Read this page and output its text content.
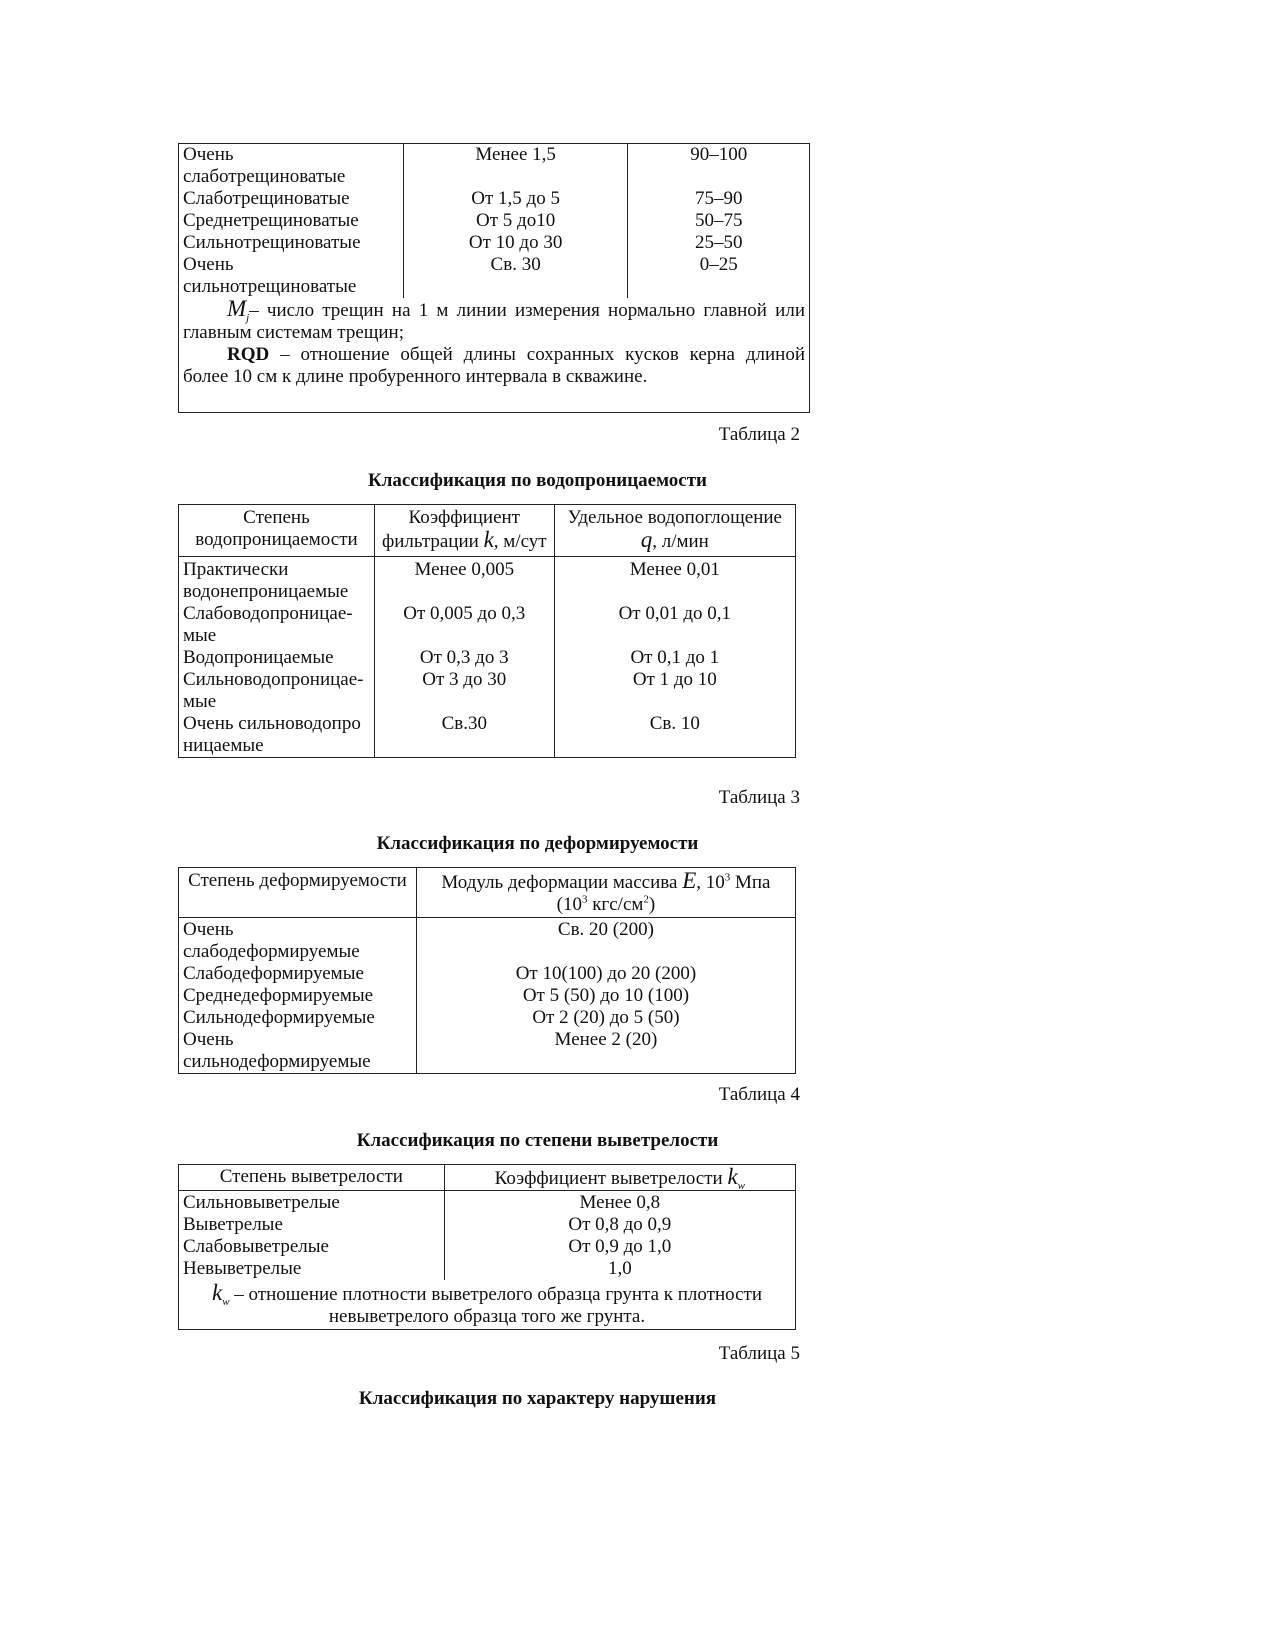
Очень слаботрещиноватые	Менее 1,5	90–100
Слаботрещиноватые	От 1,5 до 5	75–90
Среднетрещиноватые	От 5 до10	50–75
Сильнотрещиноватые	От 10 до 30	25–50
Очень сильнотрещиноватые	Св. 30	0–25

$M_j-$ число трещин на 1 м линии измерения нормально главной или главным системам трещин;

RQD – отношение общей длины сохранных кусков керна длиной более 10 см к длине пробуренного интервала в скважине.		

Таблица 2
Классификация по водопроницаемости
Степень водопроницаемости	Коэффициент фильтрации k, м/сут	Удельное водопоглощение q, л/мин
Практически водонепроницаемые	Менее 0,005	Менее 0,01
Слабоводопроницае-мые	От 0,005 до 0,3	От 0,01 до 0,1
Водопроницаемые	От 0,3 до 3	От 0,1 до 1
Сильноводопроницае-мые	От 3 до 30	От 1 до 10
Очень сильноводопроницаемые	Св.30	Св. 10
Таблица 3
Классификация по деформируемости
Степень деформируемости	Модуль деформации массива E, $10^3$ Мпа
($10^3$ кгс/$см^2$)
Очень слабодеформируемые	Св. 20 (200)
Слабодеформируемые	От 10(100) до 20 (200)
Среднедеформируемые	От 5 (50) до 10 (100)
Сильнодеформируемые	От 2 (20) до 5 (50)
Очень сильнодеформируемые	Менее 2 (20)
Таблица 4
Классификация по степени выветрелости
Степень выветрелости	Коэффициент выветрелости $k_w$
Сильновыветрелые	Менее 0,8
Выветрелые	От 0,8 до 0,9
Слабовыветрелые	От 0,9 до 1,0
Невыветрелые	1,0
$k_w$ – отношение плотности выветрелого образца грунта к плотности невыветрелого образца того же грунта.	
Таблица 5
Классификация по характеру нарушения
